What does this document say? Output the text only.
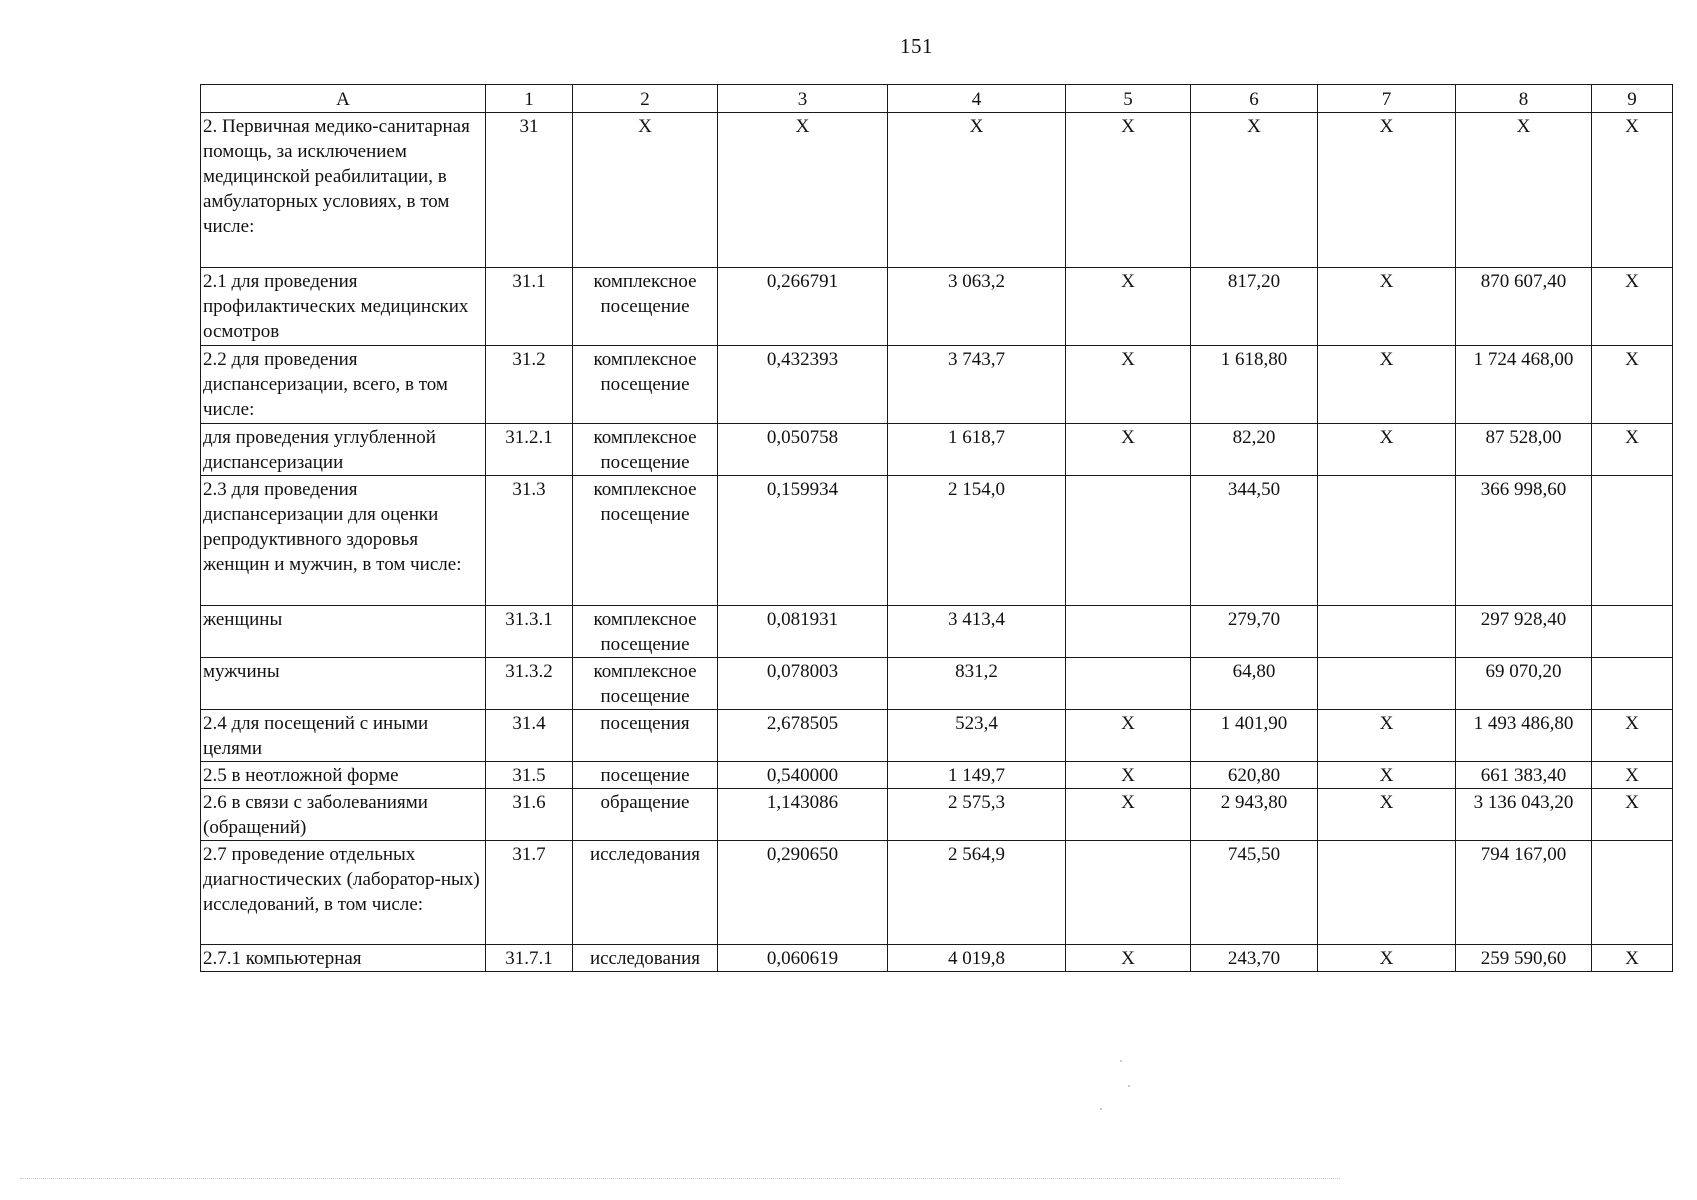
151
А	1	2	3	4	5	6	7	8	9
2. Первичная медико-санитарная помощь, за исключением медицинской реабилитации, в амбулаторных условиях, в том числе:	31	X	X	X	X	X	X	X	X
2.1 для проведения профилактических медицинских осмотров	31.1	комплексное посещение	0,266791	3 063,2	X	817,20	X	870 607,40	X
2.2 для проведения диспансеризации, всего, в том числе:	31.2	комплексное посещение	0,432393	3 743,7	X	1 618,80	X	1 724 468,00	X
для проведения углубленной диспансеризации	31.2.1	комплексное посещение	0,050758	1 618,7	X	82,20	X	87 528,00	X
2.3 для проведения диспансеризации для оценки репродуктивного здоровья женщин и мужчин, в том числе:	31.3	комплексное посещение	0,159934	2 154,0		344,50		366 998,60	
женщины	31.3.1	комплексное посещение	0,081931	3 413,4		279,70		297 928,40	
мужчины	31.3.2	комплексное посещение	0,078003	831,2		64,80		69 070,20	
2.4 для посещений с иными целями	31.4	посещения	2,678505	523,4	X	1 401,90	X	1 493 486,80	X
2.5 в неотложной форме	31.5	посещение	0,540000	1 149,7	X	620,80	X	661 383,40	X
2.6 в связи с заболеваниями (обращений)	31.6	обращение	1,143086	2 575,3	X	2 943,80	X	3 136 043,20	X
2.7 проведение отдельных диагностических (лаборатор-ных) исследований, в том числе:	31.7	исследования	0,290650	2 564,9		745,50		794 167,00	
2.7.1 компьютерная	31.7.1	исследования	0,060619	4 019,8	X	243,70	X	259 590,60	X
